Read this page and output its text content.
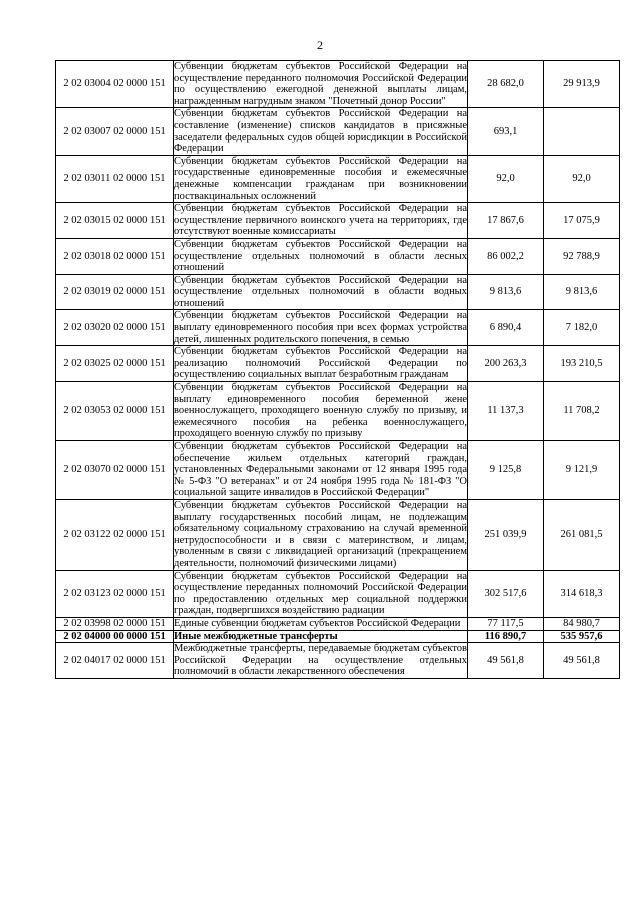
2
2 02 03004 02 0000 151	Субвенции бюджетам субъектов Российской Федерации на осуществление переданного полномочия Российской Федерации по осуществлению ежегодной денежной выплаты лицам, награжденным нагрудным знаком "Почетный донор России"	28 682,0	29 913,9
2 02 03007 02 0000 151	Субвенции бюджетам субъектов Российской Федерации на составление (изменение) списков кандидатов в присяжные заседатели федеральных судов общей юрисдикции в Российской Федерации	693,1	
2 02 03011 02 0000 151	Субвенции бюджетам субъектов Российской Федерации на государственные единовременные пособия и ежемесячные денежные компенсации гражданам при возникновении поствакцинальных осложнений	92,0	92,0
2 02 03015 02 0000 151	Субвенции бюджетам субъектов Российской Федерации на осуществление первичного воинского учета на территориях, где отсутствуют военные комиссариаты	17 867,6	17 075,9
2 02 03018 02 0000 151	Субвенции бюджетам субъектов Российской Федерации на осуществление отдельных полномочий в области лесных отношений	86 002,2	92 788,9
2 02 03019 02 0000 151	Субвенции бюджетам субъектов Российской Федерации на осуществление отдельных полномочий в области водных отношений	9 813,6	9 813,6
2 02 03020 02 0000 151	Субвенции бюджетам субъектов Российской Федерации на выплату единовременного пособия при всех формах устройства детей, лишенных родительского попечения, в семью	6 890,4	7 182,0
2 02 03025 02 0000 151	Субвенции бюджетам субъектов Российской Федерации на реализацию полномочий Российской Федерации по осуществлению социальных выплат безработным гражданам	200 263,3	193 210,5
2 02 03053 02 0000 151	Субвенции бюджетам субъектов Российской Федерации на выплату единовременного пособия беременной жене военнослужащего, проходящего военную службу по призыву, и ежемесячного пособия на ребенка военнослужащего, проходящего военную службу по призыву	11 137,3	11 708,2
2 02 03070 02 0000 151	Субвенции бюджетам субъектов Российской Федерации на обеспечение жильем отдельных категорий граждан, установленных Федеральными законами от 12 января 1995 года № 5-ФЗ "О ветеранах" и от 24 ноября 1995 года № 181-ФЗ "О социальной защите инвалидов в Российской Федерации"	9 125,8	9 121,9
2 02 03122 02 0000 151	Субвенции бюджетам субъектов Российской Федерации на выплату государственных пособий лицам, не подлежащим обязательному социальному страхованию на случай временной нетрудоспособности и в связи с материнством, и лицам, уволенным в связи с ликвидацией организаций (прекращением деятельности, полномочий физическими лицами)	251 039,9	261 081,5
2 02 03123 02 0000 151	Субвенции бюджетам субъектов Российской Федерации на осуществление переданных полномочий Российской Федерации по предоставлению отдельных мер социальной поддержки граждан, подвергшихся воздействию радиации	302 517,6	314 618,3
2 02 03998 02 0000 151	Единые субвенции бюджетам субъектов Российской Федерации	77 117,5	84 980,7
2 02 04000 00 0000 151	Иные межбюджетные трансферты	116 890,7	535 957,6
2 02 04017 02 0000 151	Межбюджетные трансферты, передаваемые бюджетам субъектов Российской Федерации на осуществление отдельных полномочий в области лекарственного обеспечения	49 561,8	49 561,8
